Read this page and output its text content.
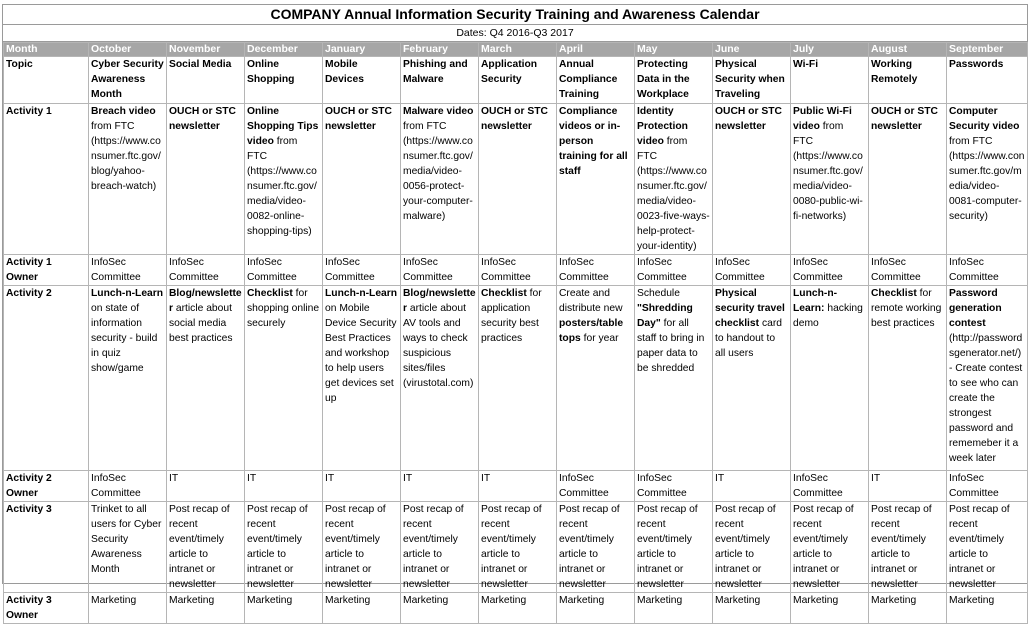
COMPANY Annual Information Security Training and Awareness Calendar
Dates: Q4 2016-Q3 2017
Month	October	November	December	January	February	March	April	May	June	July	August	September
Topic	Cyber Security Awareness Month	Social Media	Online Shopping	Mobile Devices	Phishing and Malware	Application Security	Annual Compliance Training	Protecting Data in the Workplace	Physical Security when Traveling	Wi-Fi	Working Remotely	Passwords
Activity 1	Breach video from FTC (https://www.consumer.ftc.gov/blog/yahoo-breach-watch)	OUCH or STC newsletter	Online Shopping Tips video from FTC (https://www.consumer.ftc.gov/media/video-0082-online-shopping-tips)	OUCH or STC newsletter	Malware video from FTC (https://www.consumer.ftc.gov/media/video-0056-protect-your-computer-malware)	OUCH or STC newsletter	Compliance videos or in-person training for all staff	Identity Protection video from FTC (https://www.consumer.ftc.gov/media/video-0023-five-ways-help-protect-your-identity)	OUCH or STC newsletter	Public Wi-Fi video from FTC (https://www.consumer.ftc.gov/media/video-0080-public-wi-fi-networks)	OUCH or STC newsletter	Computer Security video from FTC (https://www.consumer.ftc.gov/media/video-0081-computer-security)
Activity 1 Owner	InfoSec Committee	InfoSec Committee	InfoSec Committee	InfoSec Committee	InfoSec Committee	InfoSec Committee	InfoSec Committee	InfoSec Committee	InfoSec Committee	InfoSec Committee	InfoSec Committee	InfoSec Committee
Activity 2	Lunch-n-Learn on state of information security - build in quiz show/game	Blog/newsletter article about social media best practices	Checklist for shopping online securely	Lunch-n-Learn on Mobile Device Security Best Practices and workshop to help users get devices set up	Blog/newsletter article about AV tools and ways to check suspicious sites/files (virustotal.com)	Checklist for application security best practices	Create and distribute new posters/table tops for year	Schedule "Shredding Day" for all staff to bring in paper data to be shredded	Physical security travel checklist card to handout to all users	Lunch-n-Learn: hacking demo	Checklist for remote working best practices	Password generation contest (http://passwordsgenerator.net/) - Create contest to see who can create the strongest password and rememeber it a week later
Activity 2 Owner	InfoSec Committee	IT	IT	IT	IT	IT	InfoSec Committee	InfoSec Committee	IT	InfoSec Committee	IT	InfoSec Committee
Activity 3	Trinket to all users for Cyber Security Awareness Month	Post recap of recent event/timely article to intranet or newsletter	Post recap of recent event/timely article to intranet or newsletter	Post recap of recent event/timely article to intranet or newsletter	Post recap of recent event/timely article to intranet or newsletter	Post recap of recent event/timely article to intranet or newsletter	Post recap of recent event/timely article to intranet or newsletter	Post recap of recent event/timely article to intranet or newsletter	Post recap of recent event/timely article to intranet or newsletter	Post recap of recent event/timely article to intranet or newsletter	Post recap of recent event/timely article to intranet or newsletter	Post recap of recent event/timely article to intranet or newsletter
Activity 3 Owner	Marketing	Marketing	Marketing	Marketing	Marketing	Marketing	Marketing	Marketing	Marketing	Marketing	Marketing	Marketing
